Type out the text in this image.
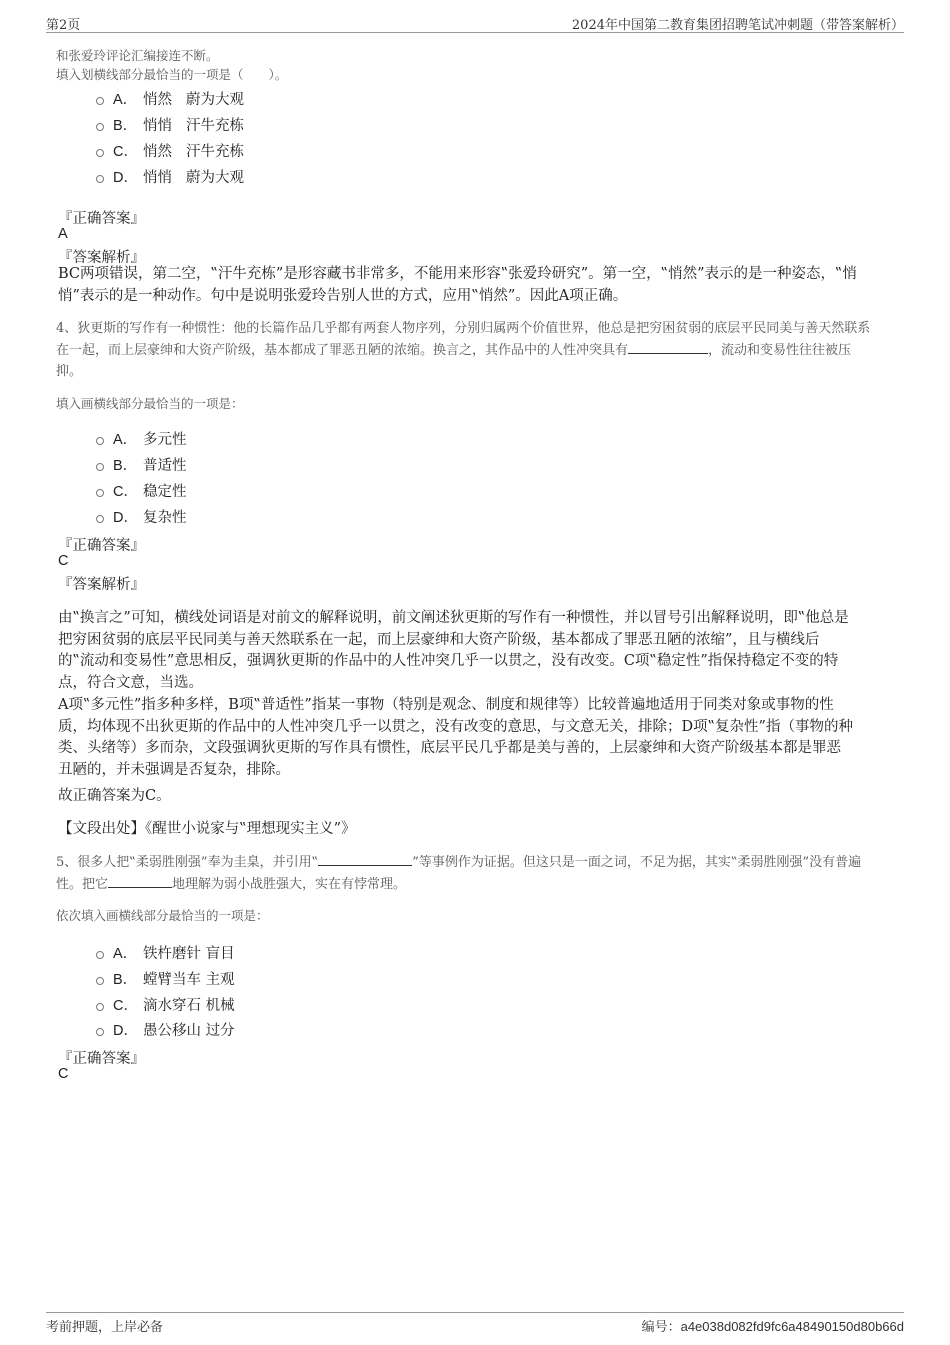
第2页	2024年中国第二教育集团招聘笔试冲刺题（带答案解析）
和张爱玲评论汇编接连不断。
填入划横线部分最恰当的一项是（　　）。
A． 悄然 蔚为大观
B． 悄悄 汗牛充栋
C． 悄然 汗牛充栋
D． 悄悄 蔚为大观
『正确答案』
A
『答案解析』
BC两项错误，第二空，‟汗牛充栋”是形容藏书非常多，不能用来形容‟张爱玲研究”。第一空，‟悄然”表示的是一种姿态，‟悄
悄”表示的是一种动作。句中是说明张爱玲告别人世的方式，应用‟悄然”。因此A项正确。
4、狄更斯的写作有一种惯性：他的长篇作品几乎都有两套人物序列，分别归属两个价值世界，他总是把穷困贫弱的底层平民同美与善天然联系
在一起，而上层豪绅和大资产阶级，基本都成了罪恶丑陋的浓缩。换言之，其作品中的人性冲突具有	，流动和变易性往往被压
抑。
填入画横线部分最恰当的一项是：
A． 多元性
B． 普适性
C． 稳定性
D． 复杂性
『正确答案』
C
『答案解析』
由‟换言之”可知，横线处词语是对前文的解释说明，前文阐述狄更斯的写作有一种惯性，并以冒号引出解释说明，即‟他总是
把穷困贫弱的底层平民同美与善天然联系在一起，而上层豪绅和大资产阶级，基本都成了罪恶丑陋的浓缩”，且与横线后
的‟流动和变易性”意思相反，强调狄更斯的作品中的人性冲突几乎一以贯之，没有改变。C项‟稳定性”指保持稳定不变的特
点，符合文意，当选。
A项‟多元性”指多种多样，B项‟普适性”指某一事物（特别是观念、制度和规律等）比较普遍地适用于同类对象或事物的性
质，均体现不出狄更斯的作品中的人性冲突几乎一以贯之，没有改变的意思，与文意无关，排除；D项‟复杂性”指（事物的种
类、头绪等）多而杂，文段强调狄更斯的写作具有惯性，底层平民几乎都是美与善的，上层豪绅和大资产阶级基本都是罪恶
丑陋的，并未强调是否复杂，排除。
故正确答案为C。
【文段出处】《醒世小说家与‟理想现实主义”》
5、很多人把‟柔弱胜刚强”奉为圭臬，并引用‟	”等事例作为证据。但这只是一面之词，不足为据，其实‟柔弱胜刚强”没有普遍
性。把它	地理解为弱小战胜强大，实在有悖常理。
依次填入画横线部分最恰当的一项是：
A． 铁杵磨针 盲目
B． 螳臂当车 主观
C． 滴水穿石 机械
D． 愚公移山 过分
『正确答案』
C
考前押题，上岸必备	编号：a4e038d082fd9fc6a48490150d80b66d
